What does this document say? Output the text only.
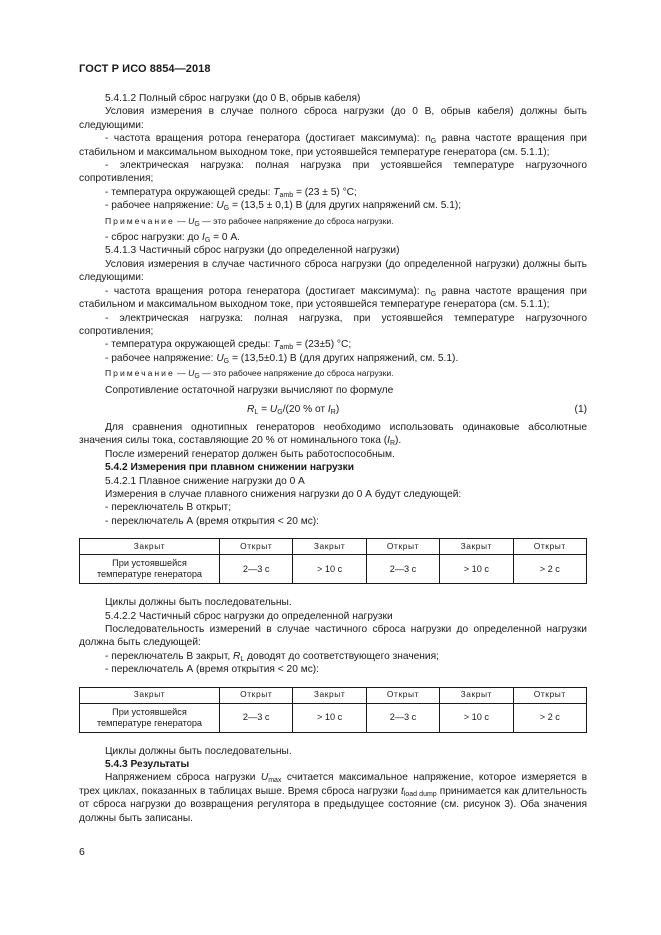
ГОСТ Р ИСО 8854—2018

5.4.1.2 Полный сброс нагрузки (до 0 В, обрыв кабеля)

Условия измерения в случае полного сброса нагрузки (до 0 В, обрыв кабеля) должны быть следующими:

- частота вращения ротора генератора (достигает максимума): $n_G$ равна частоте вращения при стабильном и максимальном выходном токе, при устоявшейся температуре генератора (см. 5.1.1);

- электрическая нагрузка: полная нагрузка при устоявшейся температуре нагрузочного сопротивления;

- температура окружающей среды: $T_{amb} = (23 \pm 5)$ °С;

- рабочее напряжение: $U_G = (13,5 \pm 0,1)$ В (для других напряжений см. 5.1);

Примечание — $U_G$ — это рабочее напряжение до сброса нагрузки.

- сброс нагрузки: до $I_G = 0$ А.

5.4.1.3 Частичный сброс нагрузки (до определенной нагрузки)

Условия измерения в случае частичного сброса нагрузки (до определенной нагрузки) должны быть следующими:

- частота вращения ротора генератора (достигает максимума): $n_G$ равна частоте вращения при стабильном и максимальном выходном токе, при устоявшейся температуре генератора (см. 5.1.1);

- электрическая нагрузка: полная нагрузка, при устоявшейся температуре нагрузочного сопротивления;

- температура окружающей среды: $T_{amb} = (23\pm 5)$ °С;

- рабочее напряжение: $U_G = (13,5\pm 0.1)$ В (для других напряжений, см. 5.1).

Примечание — $U_G$ — это рабочее напряжение до сброса нагрузки.

Сопротивление остаточной нагрузки вычисляют по формуле

$R_L = U_G/(20$ % от $I_R$)	(1)

Для сравнения однотипных генераторов необходимо использовать одинаковые абсолютные значения силы тока, составляющие 20 % от номинального тока $(I_R)$.

После измерений генератор должен быть работоспособным.

5.4.2 Измерения при плавном снижении нагрузки

5.4.2.1 Плавное снижение нагрузки до 0 А

Измерения в случае плавного снижения нагрузки до 0 А будут следующей:

- переключатель В открыт;

- переключатель А (время открытия < 20 мс):

Закрыт	Открыт	Закрыт	Открыт	Закрыт	Открыт
При устоявшейся
температуре генератора	2—3 с	> 10 с	2—3 с	> 10 с	> 2 с

Циклы должны быть последовательны.

5.4.2.2 Частичный сброс нагрузки до определенной нагрузки

Последовательность измерений в случае частичного сброса нагрузки до определенной нагрузки должна быть следующей:

- переключатель В закрыт, $R_L$ доводят до соответствующего значения;

- переключатель А (время открытия < 20 мс):

Закрыт	Открыт	Закрыт	Открыт	Закрыт	Открыт
При устоявшейся
температуре генератора	2—3 с	> 10 с	2—3 с	> 10 с	> 2 с

Циклы должны быть последовательны.

5.4.3 Результаты

Напряжением сброса нагрузки $U_{max}$ считается максимальное напряжение, которое измеряется в трех циклах, показанных в таблицах выше. Время сброса нагрузки $t_{load dump}$ принимается как длительность от сброса нагрузки до возвращения регулятора в предыдущее состояние (см. рисунок 3). Оба значения должны быть записаны.

6
